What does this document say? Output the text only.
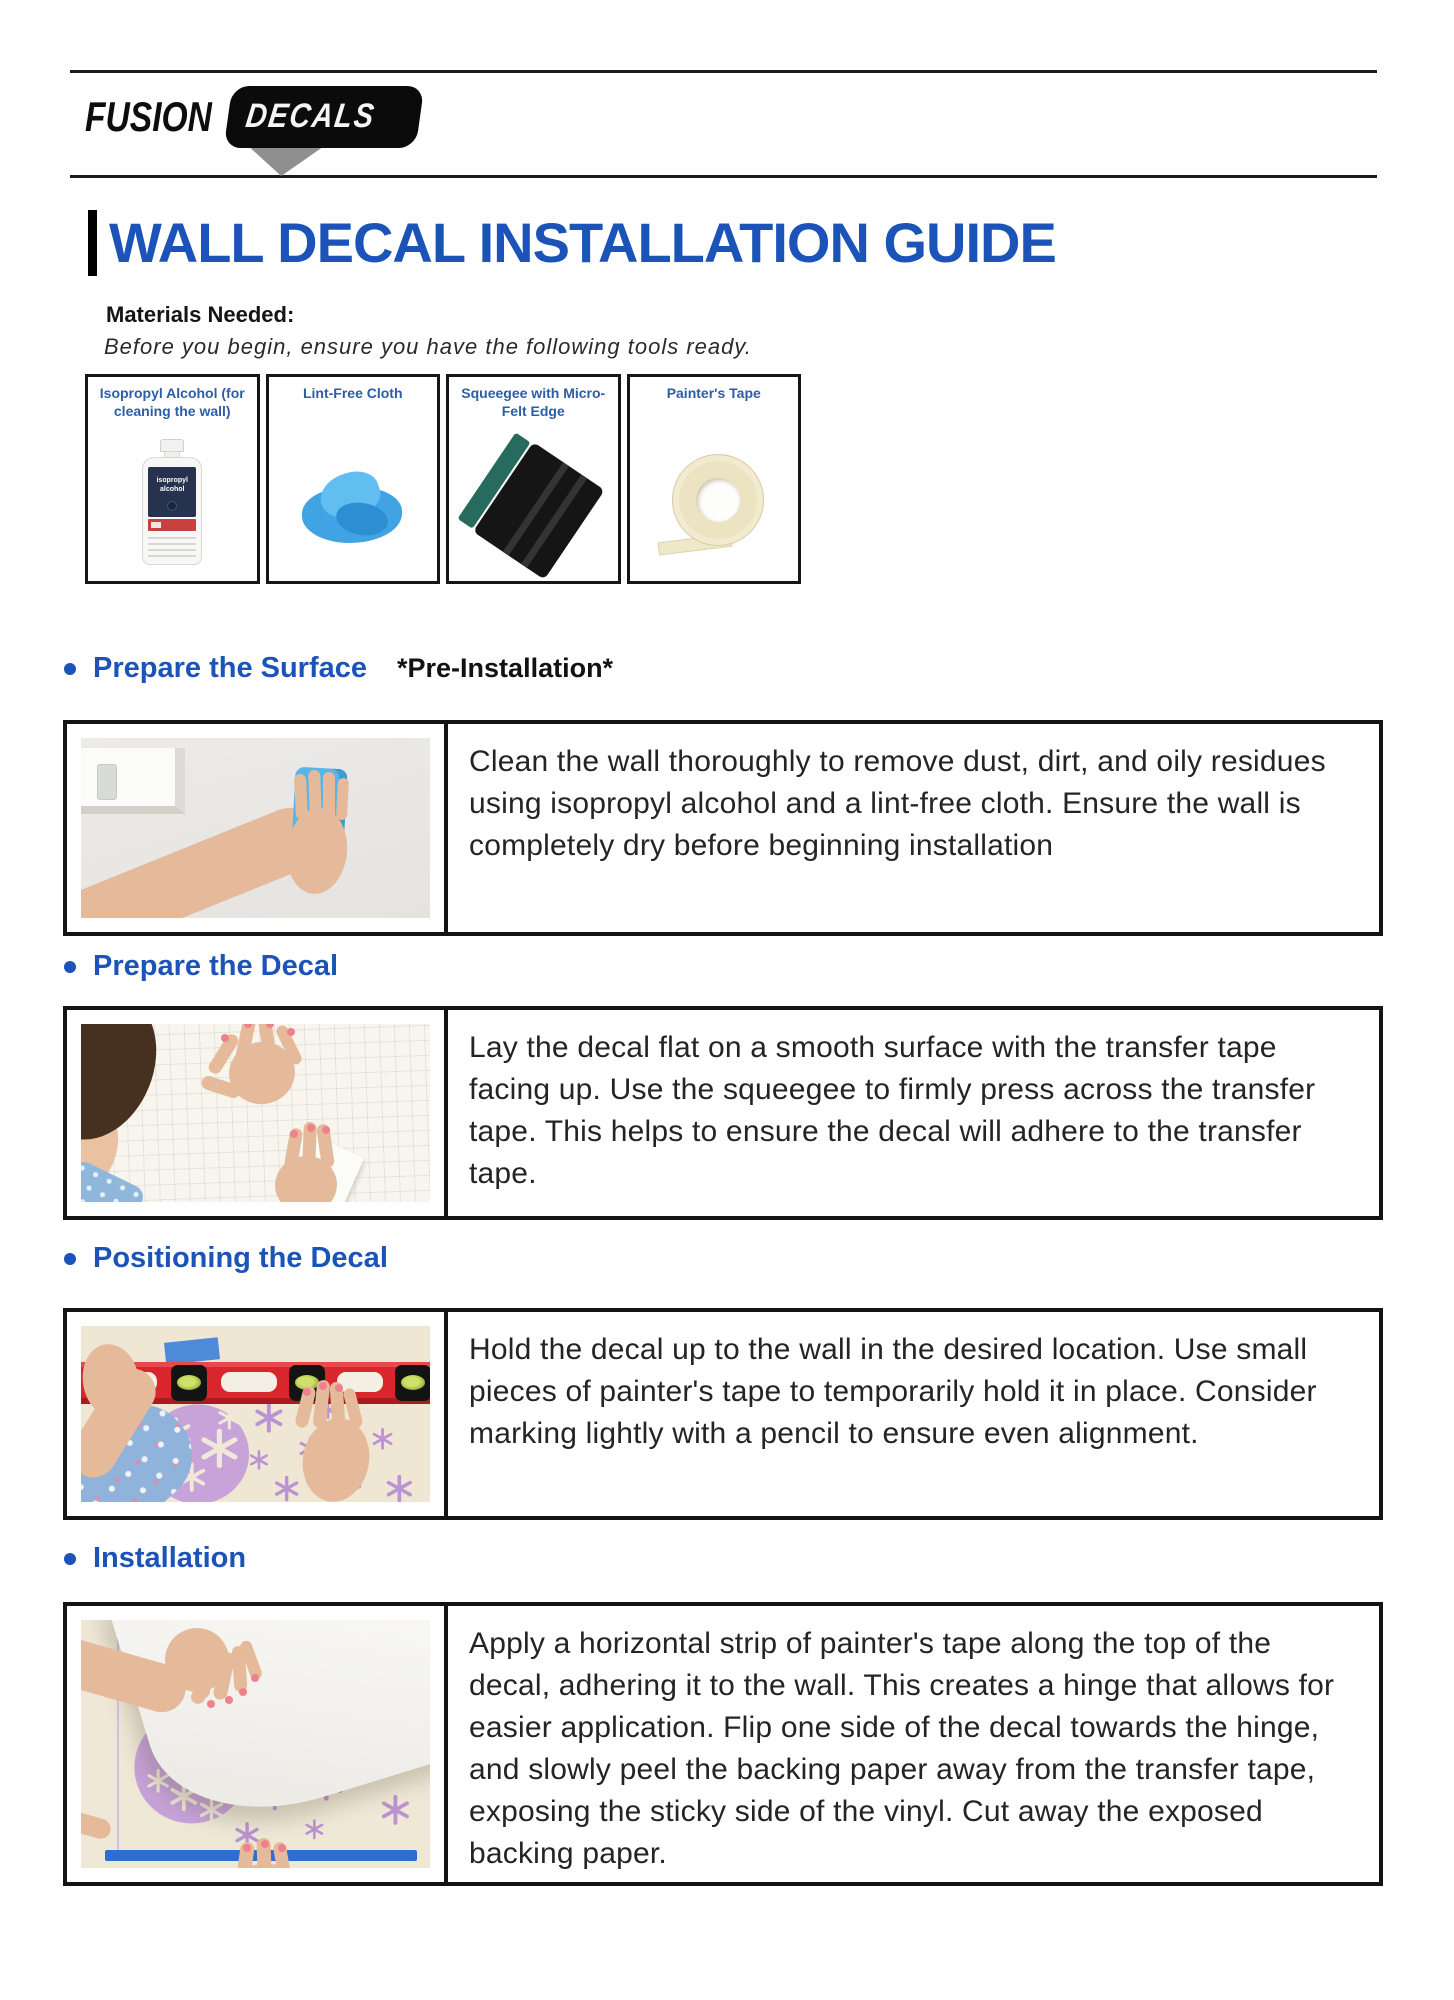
FUSION DECALS
WALL DECAL INSTALLATION GUIDE
Materials Needed:
Before you begin, ensure you have the following tools ready.
Isopropyl Alcohol (for cleaning the wall)
isopropyl
alcohol
Lint-Free Cloth	Squeegee with Micro-Felt Edge
Painter's Tape
Prepare the Surface *Pre-Installation*
Clean the wall thoroughly to remove dust, dirt, and oily residues using isopropyl alcohol and a lint-free cloth. Ensure the wall is completely dry before beginning installation
Prepare the Decal
Lay the decal flat on a smooth surface with the transfer tape facing up. Use the squeegee to firmly press across the transfer tape. This helps to ensure the decal will adhere to the transfer tape.
Positioning the Decal
Hold the decal up to the wall in the desired location. Use small pieces of painter's tape to temporarily hold it in place. Consider marking lightly with a pencil to ensure even alignment.
Installation
Apply a horizontal strip of painter's tape along the top of the decal, adhering it to the wall. This creates a hinge that allows for easier application. Flip one side of the decal towards the hinge, and slowly peel the backing paper away from the transfer tape, exposing the sticky side of the vinyl. Cut away the exposed backing paper.
